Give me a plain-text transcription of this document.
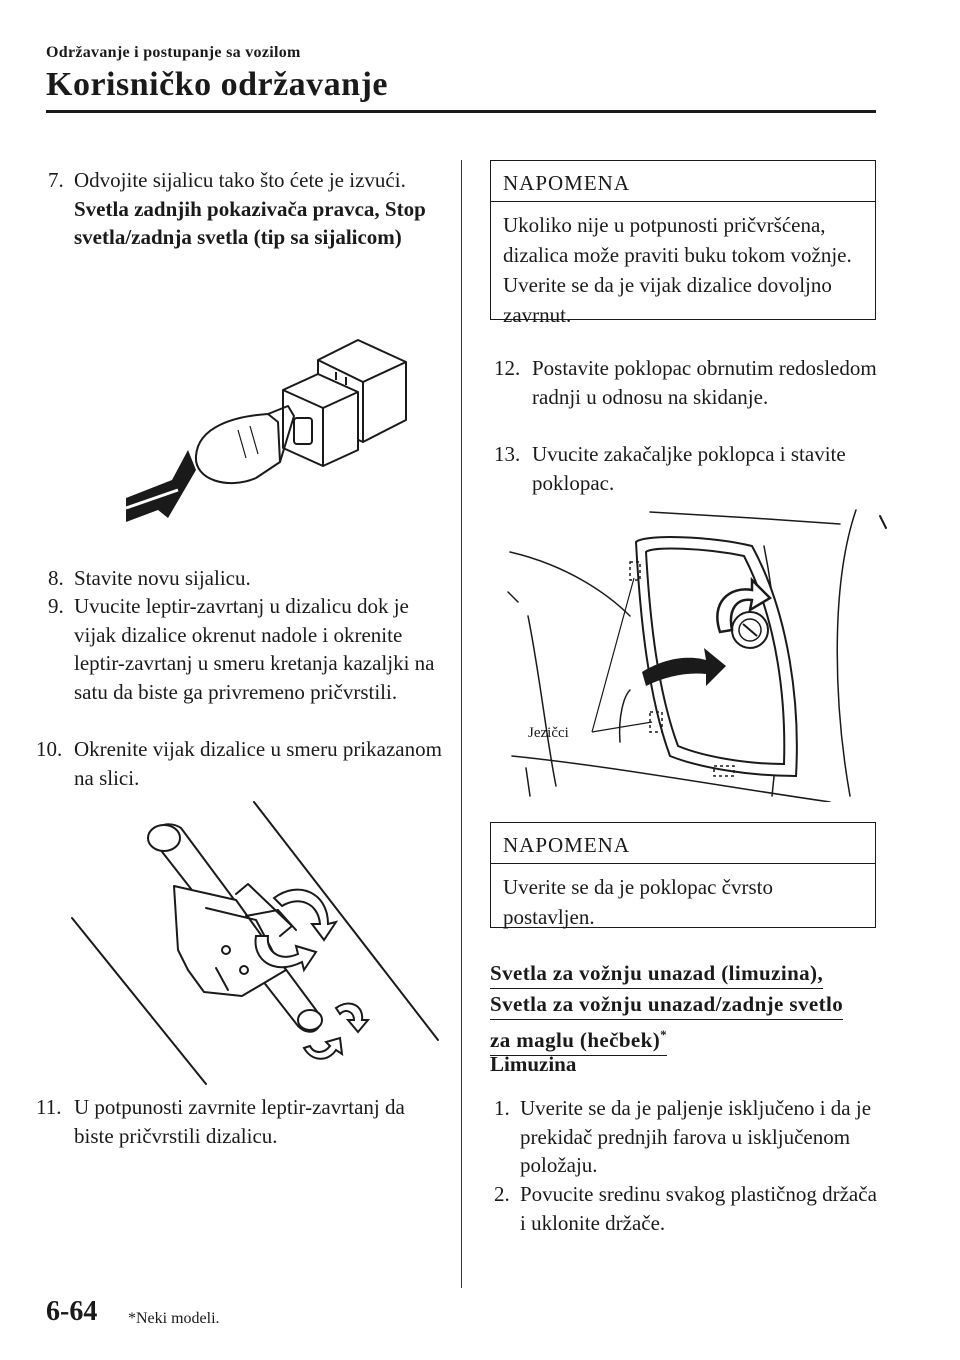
Održavanje i postupanje sa vozilom
Korisničko održavanje
7. Odvojite sijalicu tako što ćete je izvući.
Svetla zadnjih pokazivača pravca, Stop svetla/zadnja svetla (tip sa sijalicom)
8. Stavite novu sijalicu.
9. Uvucite leptir-zavrtanj u dizalicu dok je vijak dizalice okrenut nadole i okrenite leptir-zavrtanj u smeru kretanja kazaljki na satu da biste ga privremeno pričvrstili.
10. Okrenite vijak dizalice u smeru prikazanom na slici.
11. U potpunosti zavrnite leptir-zavrtanj da biste pričvrstili dizalicu.
NAPOMENA
Ukoliko nije u potpunosti pričvršćena, dizalica može praviti buku tokom vožnje. Uverite se da je vijak dizalice dovoljno zavrnut.
12. Postavite poklopac obrnutim redosledom radnji u odnosu na skidanje.
13. Uvucite zakačaljke poklopca i stavite poklopac.
Jezičci
NAPOMENA
Uverite se da je poklopac čvrsto postavljen.
Svetla za vožnju unazad (limuzina),
Svetla za vožnju unazad/zadnje svetlo
za maglu (hečbek)*
Limuzina
1. Uverite se da je paljenje isključeno i da je prekidač prednjih farova u isključenom položaju.
2. Povucite sredinu svakog plastičnog držača i uklonite držače.
6-64 *Neki modeli.
